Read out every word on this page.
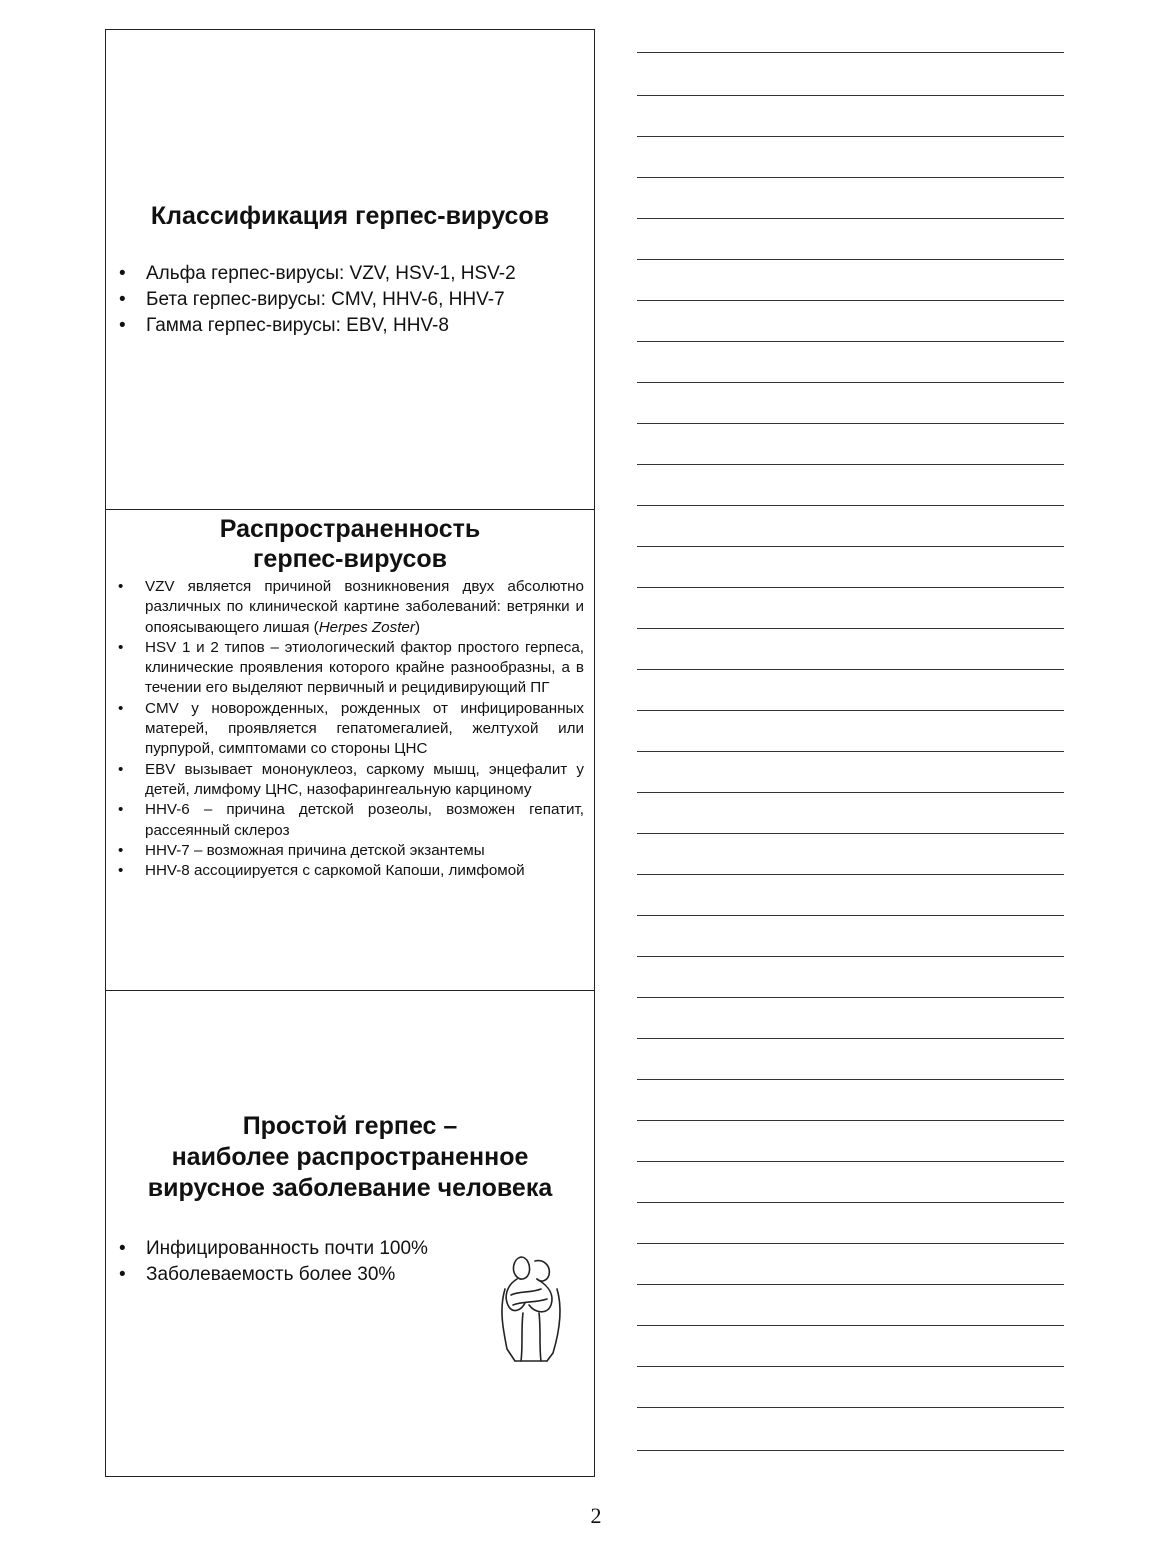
Классификация герпес-вирусов
• Альфа герпес-вирусы: VZV, HSV-1, HSV-2
• Бета герпес-вирусы: CMV, HHV-6, HHV-7
• Гамма герпес-вирусы: EBV, HHV-8
Распространенность
герпес-вирусов
• VZV является причиной возникновения двух абсолютно различных по клинической картине заболеваний: ветрянки и опоясывающего лишая (Herpes Zoster)
• HSV 1 и 2 типов – этиологический фактор простого герпеса, клинические проявления которого крайне разнообразны, а в течении его выделяют первичный и рецидивирующий ПГ
• CMV у новорожденных, рожденных от инфицированных матерей, проявляется гепатомегалией, желтухой или пурпурой, симптомами со стороны ЦНС
• EBV вызывает мононуклеоз, саркому мышц, энцефалит у детей, лимфому ЦНС, назофарингеальную карциному
• HHV-6 – причина детской розеолы, возможен гепатит, рассеянный склероз
• HHV-7 – возможная причина детской экзантемы
• HHV-8 ассоциируется с саркомой Капоши, лимфомой
Простой герпес –
наиболее распространенное
вирусное заболевание человека
• Инфицированность почти 100%
• Заболеваемость более 30%
2
